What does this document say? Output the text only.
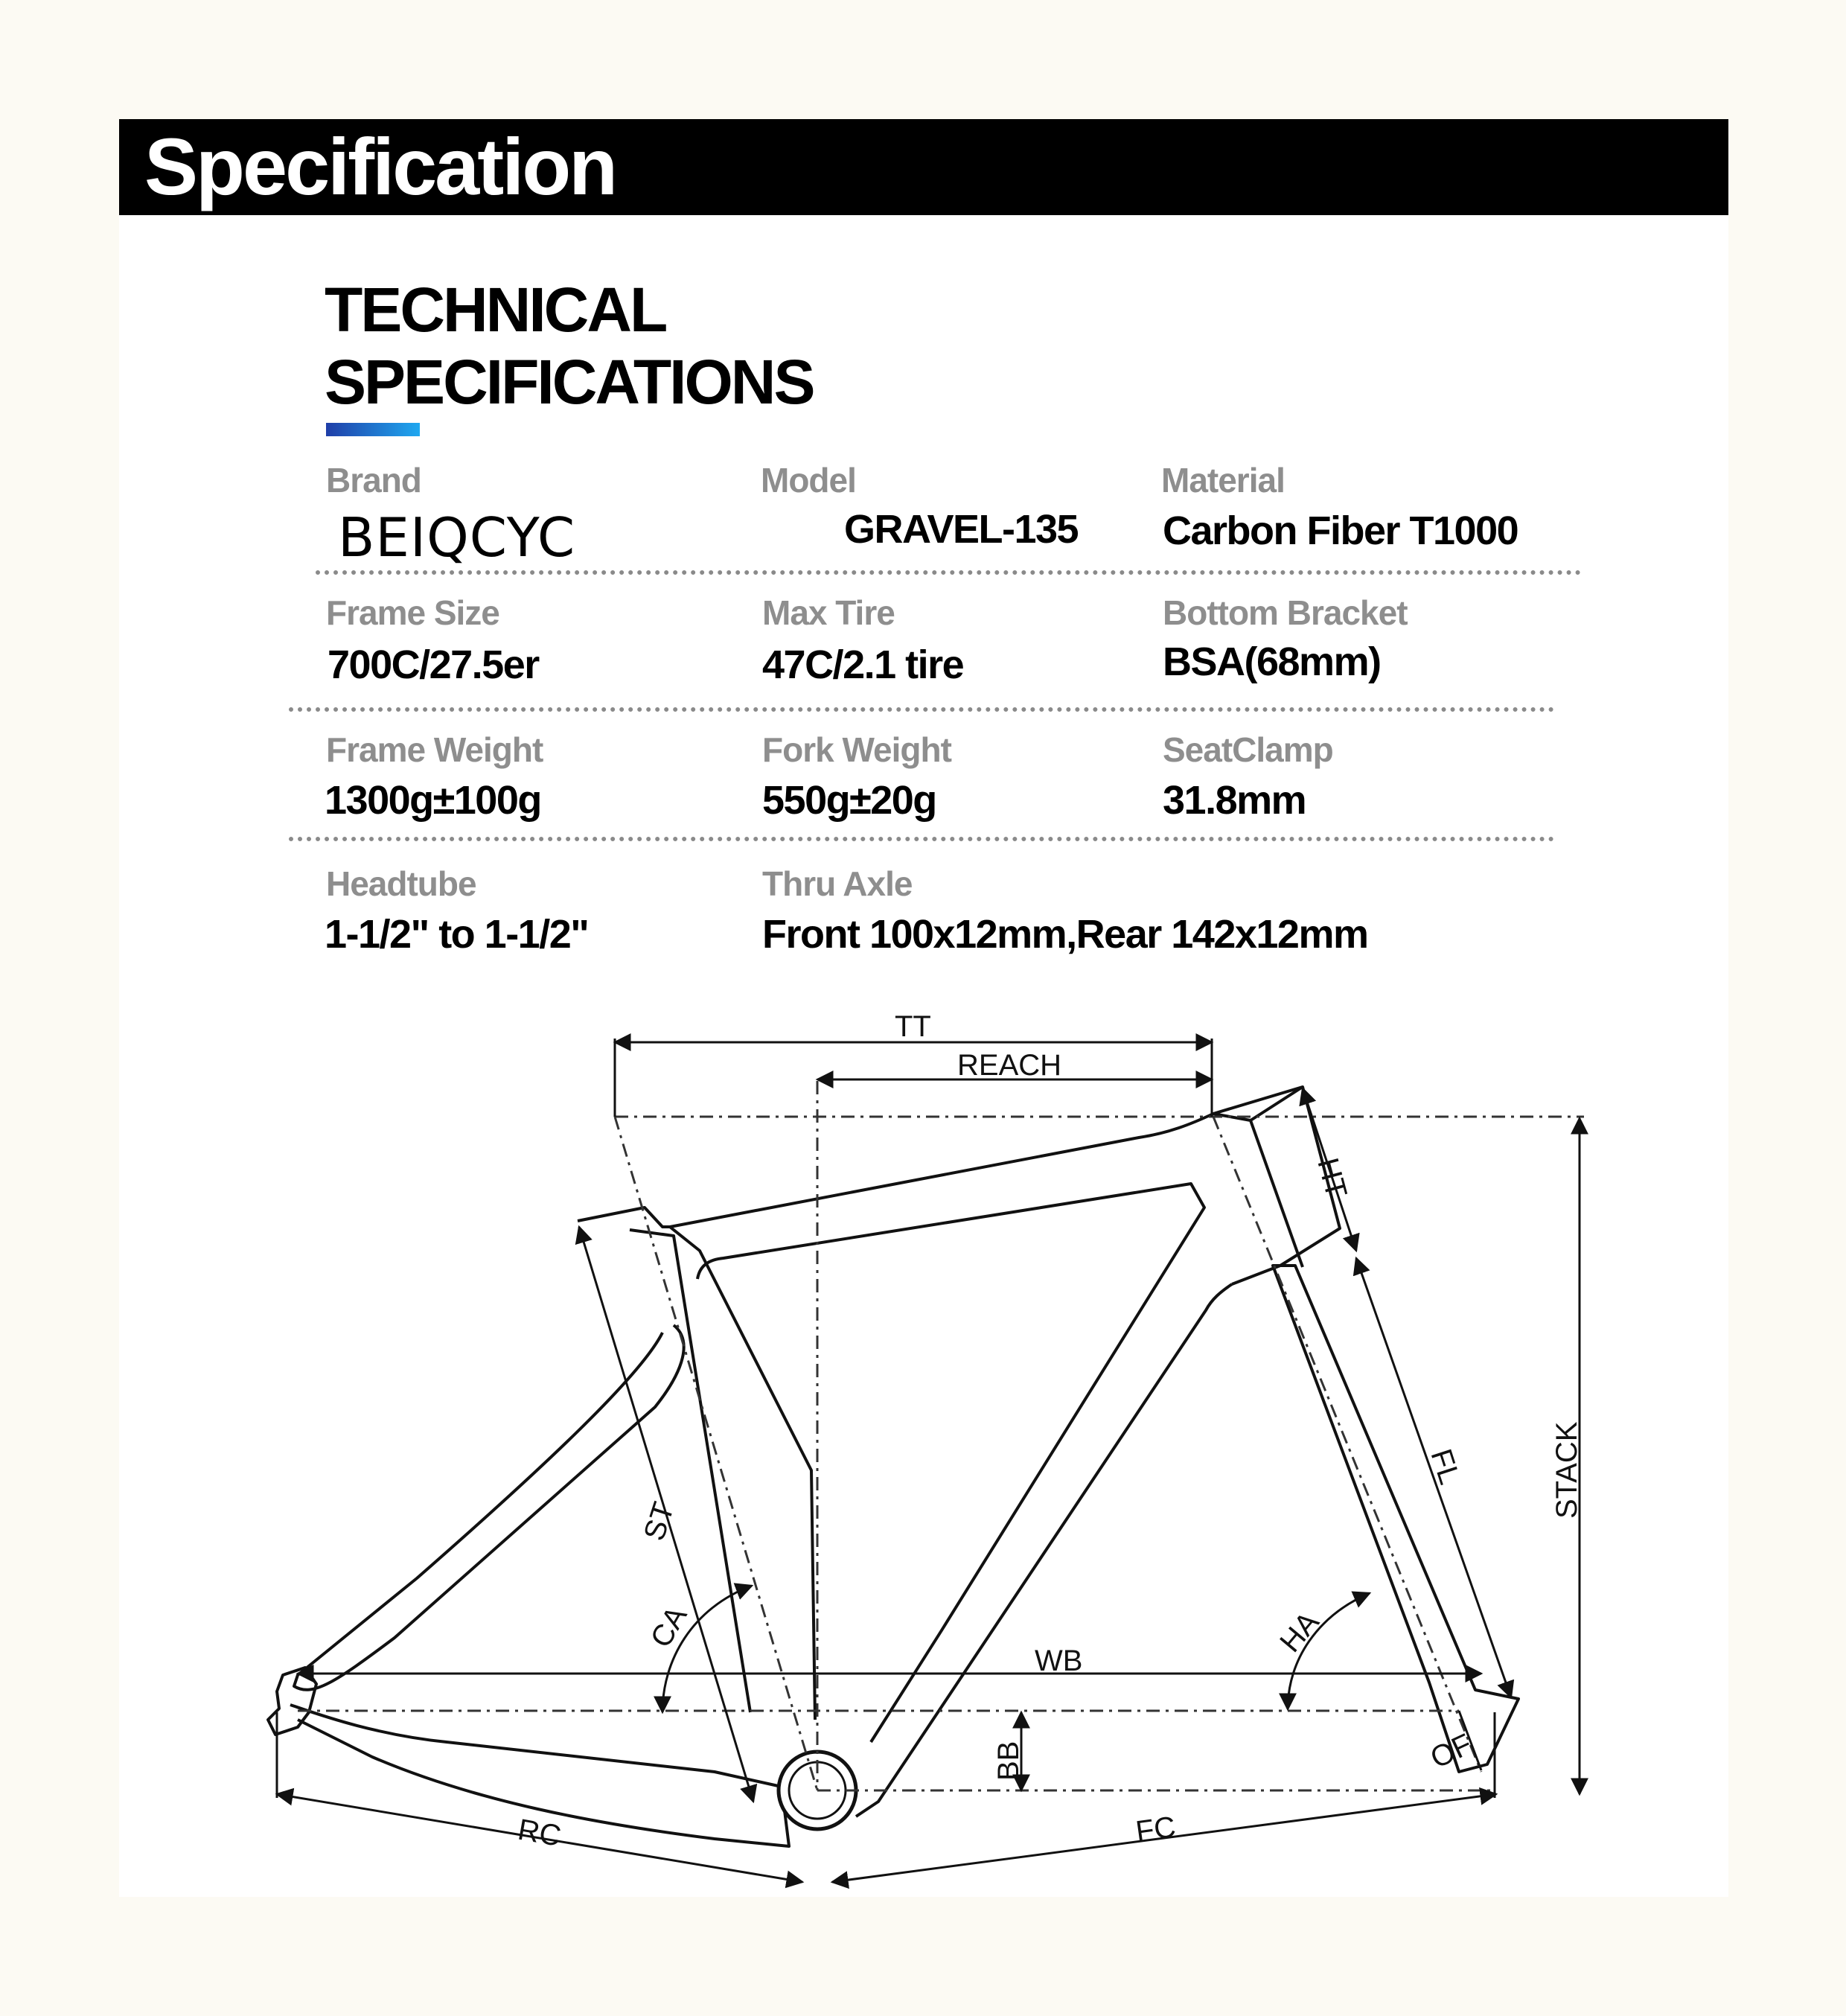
Specification
TECHNICAL
SPECIFICATIONS
Brand
BEIQCYC
Model
GRAVEL-135
Material
Carbon Fiber T1000
Frame Size
700C/27.5er
Max Tire
47C/2.1 tire
Bottom Bracket
BSA(68mm)
Frame Weight
1300g±100g
Fork Weight
550g±20g
SeatClamp
31.8mm
Headtube
1-1/2" to 1-1/2"
Thru Axle
Front 100x12mm,Rear 142x12mm
TT
REACH
HT
STACK
FL
ST
CA	HA
WB
BB	OF
RC	FC
